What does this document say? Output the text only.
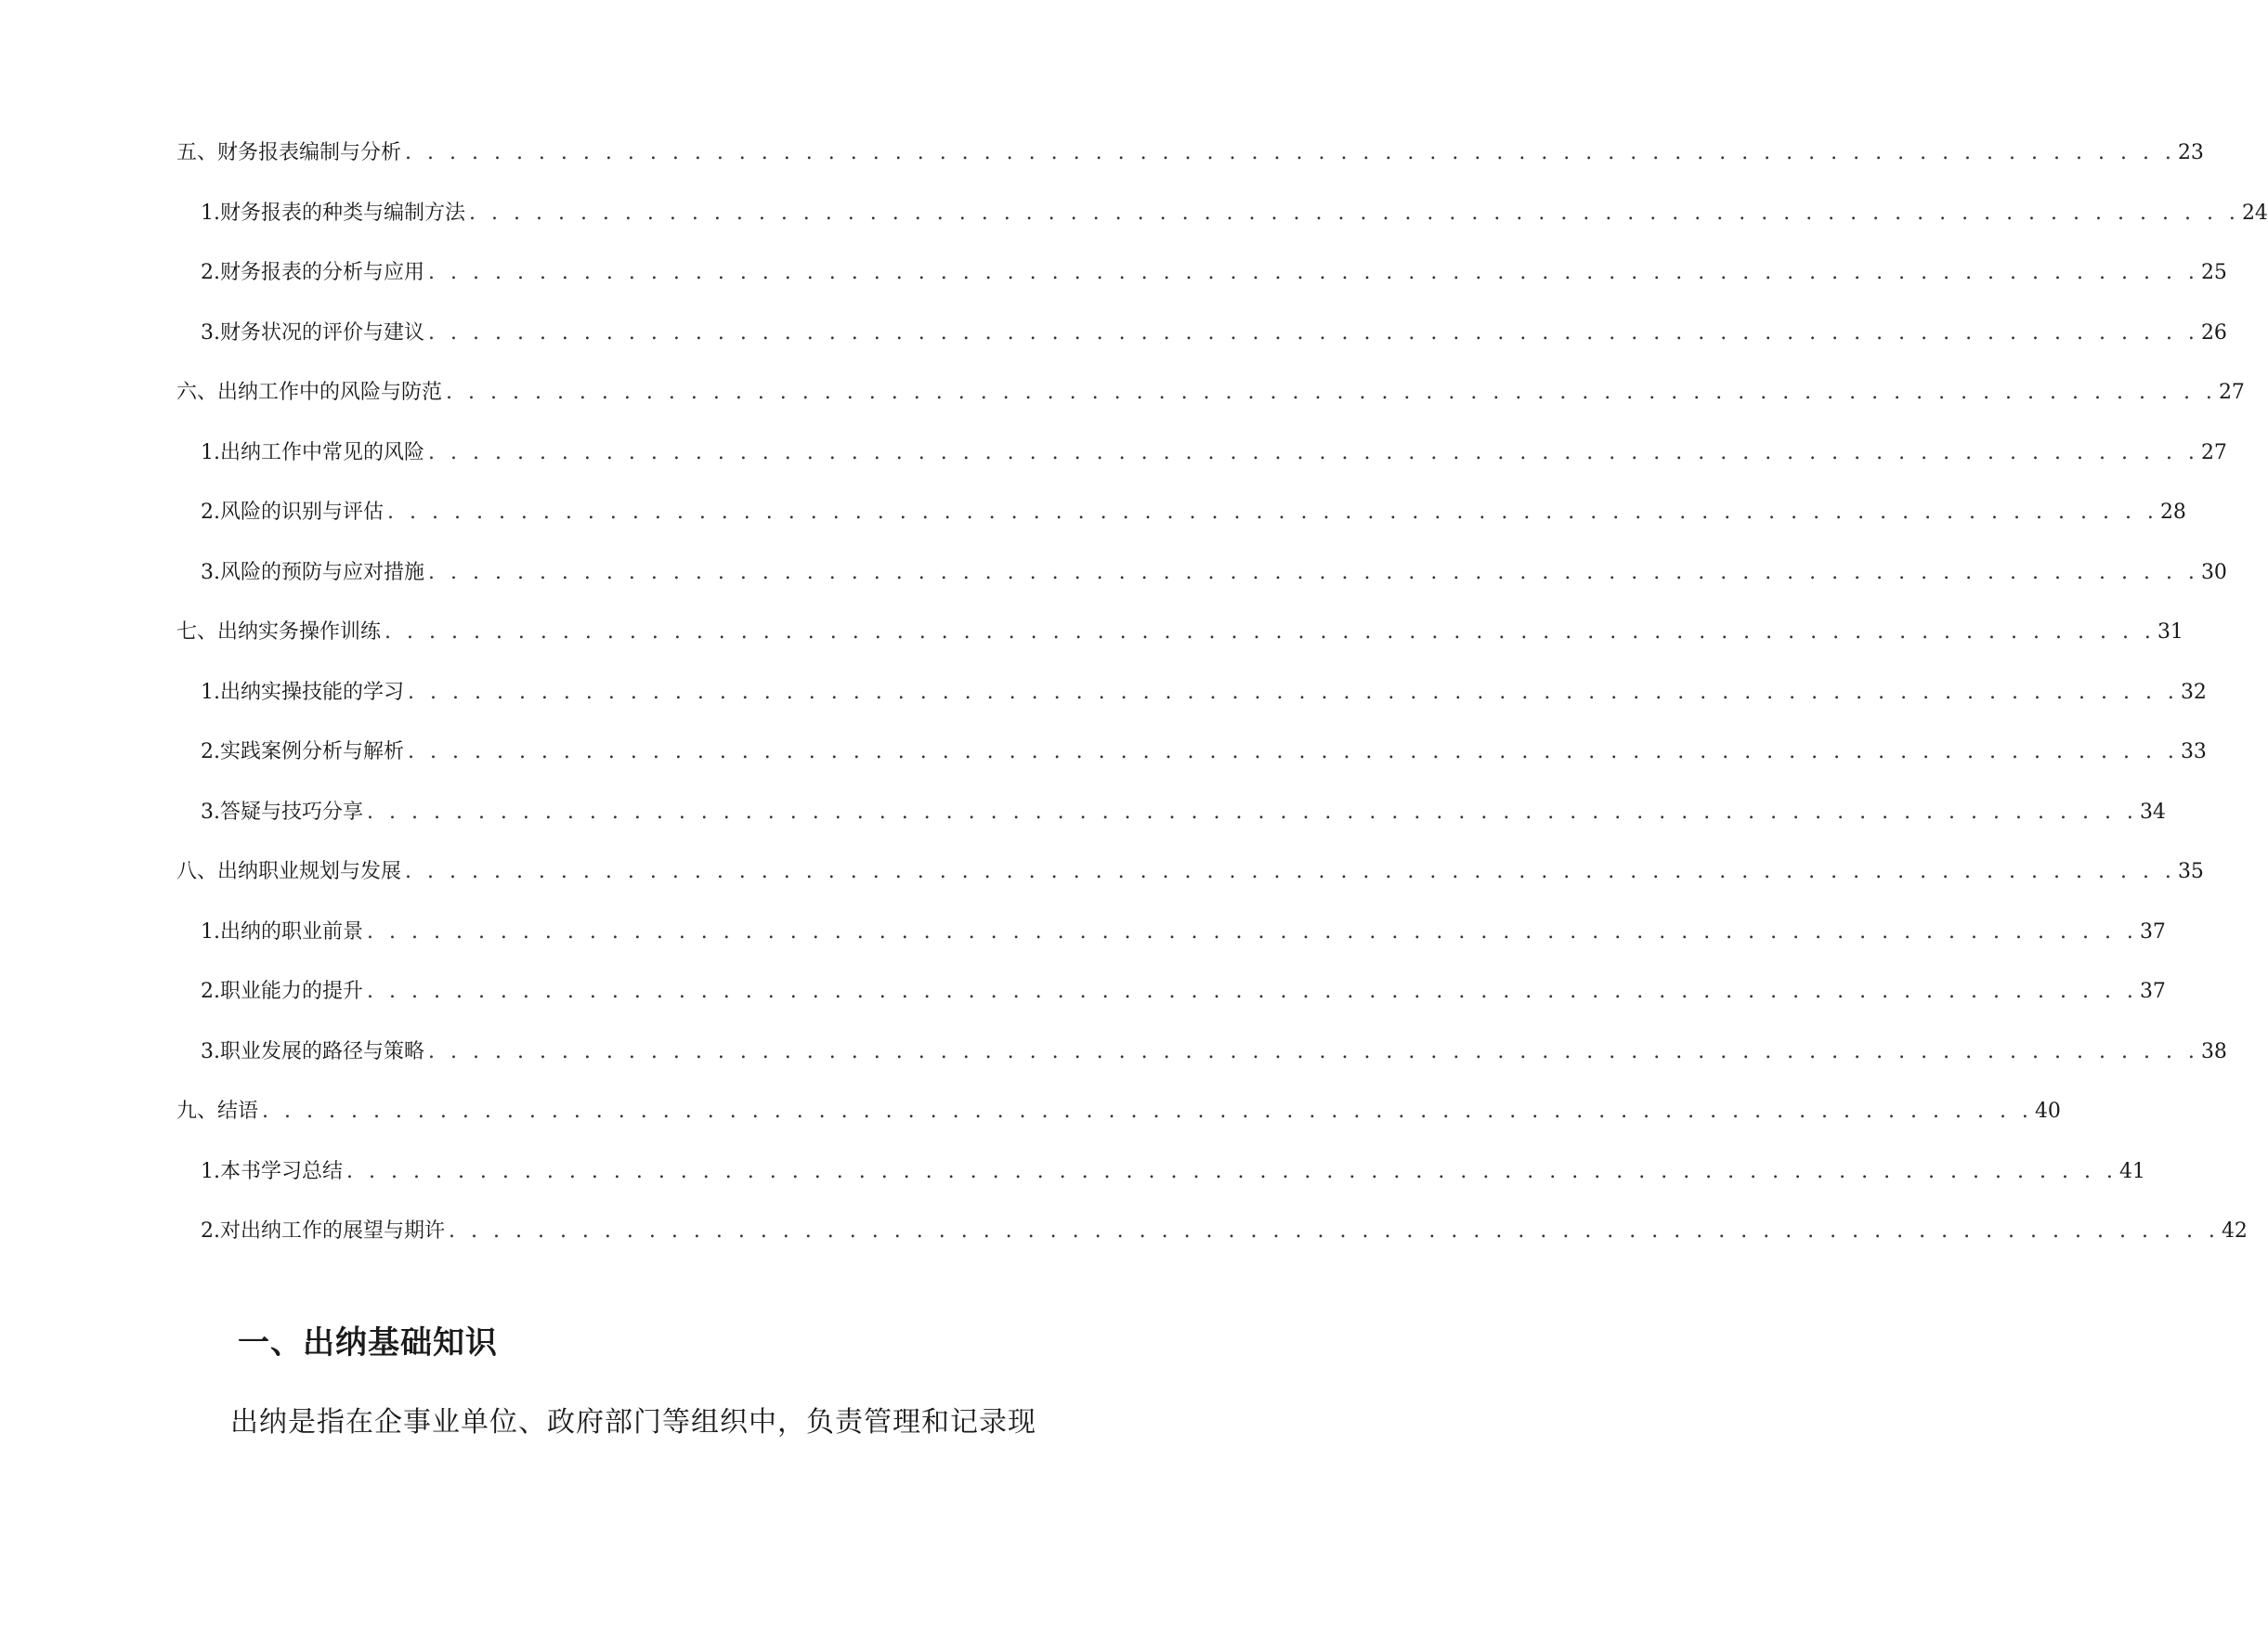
五、财务报表编制与分析 . . . . . . . . . . . . . . . . . . . . . . . . . . . . . . . . . . . . . . . . . . . . . . . . . . . . . . . . . . . . . . . . . . . . . . . . . . . . . . . . 23
1. 财务报表的种类与编制方法 . . . . . . . . . . . . . . . . . . . . . . . . . . . . . . . . . . . . . . . . . . . . . . . . . . . . . . . . . . . . . . . . . . . . . . . . . . . . . . . . 24
2. 财务报表的分析与应用 . . . . . . . . . . . . . . . . . . . . . . . . . . . . . . . . . . . . . . . . . . . . . . . . . . . . . . . . . . . . . . . . . . . . . . . . . . . . . . . . 25
3. 财务状况的评价与建议 . . . . . . . . . . . . . . . . . . . . . . . . . . . . . . . . . . . . . . . . . . . . . . . . . . . . . . . . . . . . . . . . . . . . . . . . . . . . . . . . 26
六、出纳工作中的风险与防范 . . . . . . . . . . . . . . . . . . . . . . . . . . . . . . . . . . . . . . . . . . . . . . . . . . . . . . . . . . . . . . . . . . . . . . . . . . . . . . . . 27
1. 出纳工作中常见的风险 . . . . . . . . . . . . . . . . . . . . . . . . . . . . . . . . . . . . . . . . . . . . . . . . . . . . . . . . . . . . . . . . . . . . . . . . . . . . . . . . 27
2. 风险的识别与评估 . . . . . . . . . . . . . . . . . . . . . . . . . . . . . . . . . . . . . . . . . . . . . . . . . . . . . . . . . . . . . . . . . . . . . . . . . . . . . . . . 28
3. 风险的预防与应对措施 . . . . . . . . . . . . . . . . . . . . . . . . . . . . . . . . . . . . . . . . . . . . . . . . . . . . . . . . . . . . . . . . . . . . . . . . . . . . . . . . 30
七、出纳实务操作训练 . . . . . . . . . . . . . . . . . . . . . . . . . . . . . . . . . . . . . . . . . . . . . . . . . . . . . . . . . . . . . . . . . . . . . . . . . . . . . . . . 31
1. 出纳实操技能的学习 . . . . . . . . . . . . . . . . . . . . . . . . . . . . . . . . . . . . . . . . . . . . . . . . . . . . . . . . . . . . . . . . . . . . . . . . . . . . . . . . 32
2. 实践案例分析与解析 . . . . . . . . . . . . . . . . . . . . . . . . . . . . . . . . . . . . . . . . . . . . . . . . . . . . . . . . . . . . . . . . . . . . . . . . . . . . . . . . 33
3. 答疑与技巧分享 . . . . . . . . . . . . . . . . . . . . . . . . . . . . . . . . . . . . . . . . . . . . . . . . . . . . . . . . . . . . . . . . . . . . . . . . . . . . . . . . 34
八、出纳职业规划与发展 . . . . . . . . . . . . . . . . . . . . . . . . . . . . . . . . . . . . . . . . . . . . . . . . . . . . . . . . . . . . . . . . . . . . . . . . . . . . . . . . 35
1. 出纳的职业前景 . . . . . . . . . . . . . . . . . . . . . . . . . . . . . . . . . . . . . . . . . . . . . . . . . . . . . . . . . . . . . . . . . . . . . . . . . . . . . . . . 37
2. 职业能力的提升 . . . . . . . . . . . . . . . . . . . . . . . . . . . . . . . . . . . . . . . . . . . . . . . . . . . . . . . . . . . . . . . . . . . . . . . . . . . . . . . . 37
3. 职业发展的路径与策略 . . . . . . . . . . . . . . . . . . . . . . . . . . . . . . . . . . . . . . . . . . . . . . . . . . . . . . . . . . . . . . . . . . . . . . . . . . . . . . . . 38
九、结语 . . . . . . . . . . . . . . . . . . . . . . . . . . . . . . . . . . . . . . . . . . . . . . . . . . . . . . . . . . . . . . . . . . . . . . . . . . . . . . . . 40
1. 本书学习总结 . . . . . . . . . . . . . . . . . . . . . . . . . . . . . . . . . . . . . . . . . . . . . . . . . . . . . . . . . . . . . . . . . . . . . . . . . . . . . . . . 41
2. 对出纳工作的展望与期许 . . . . . . . . . . . . . . . . . . . . . . . . . . . . . . . . . . . . . . . . . . . . . . . . . . . . . . . . . . . . . . . . . . . . . . . . . . . . . . . . 42
一、出纳基础知识
出纳是指在企事业单位、政府部门等组织中，负责管理和记录现
